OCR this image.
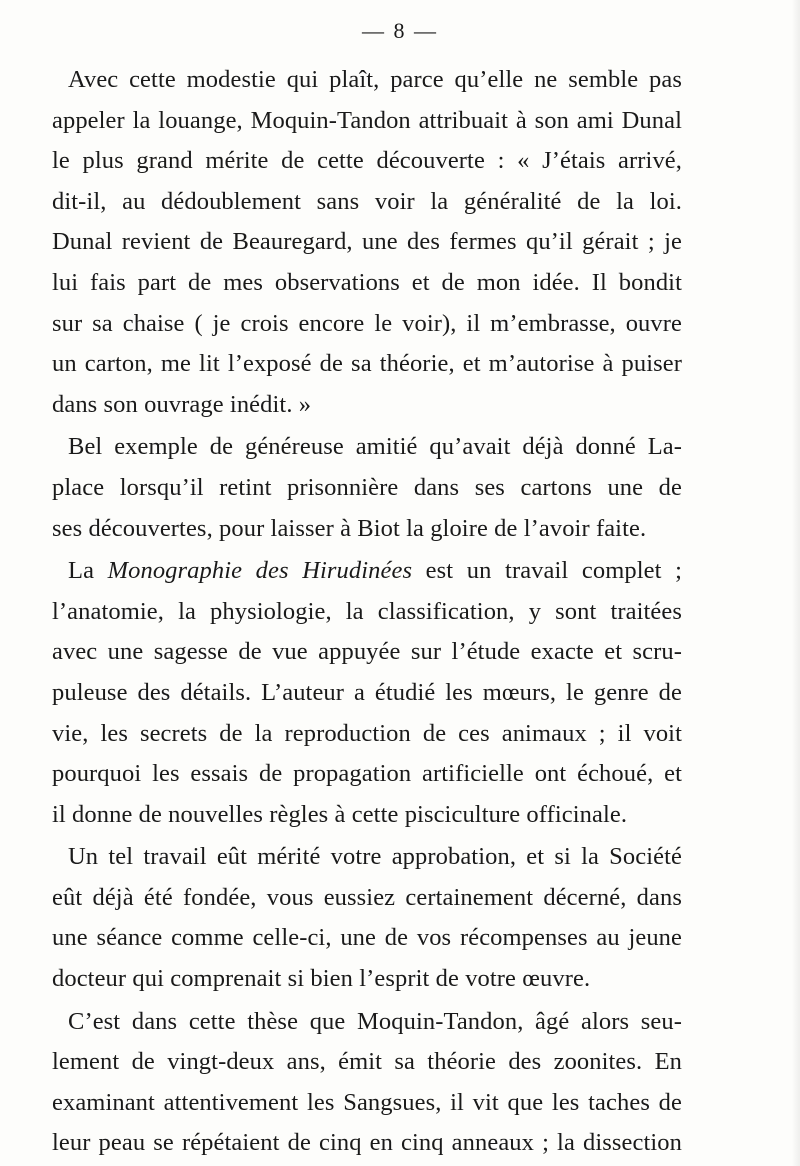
— 8 —
Avec cette modestie qui plaît, parce qu’elle ne semble pas
appeler la louange, Moquin-Tandon attribuait à son ami Dunal
le plus grand mérite de cette découverte : « J’étais arrivé,
dit-il, au dédoublement sans voir la généralité de la loi.
Dunal revient de Beauregard, une des fermes qu’il gérait ; je
lui fais part de mes observations et de mon idée. Il bondit
sur sa chaise ( je crois encore le voir), il m’embrasse, ouvre
un carton, me lit l’exposé de sa théorie, et m’autorise à puiser
dans son ouvrage inédit. »
Bel exemple de généreuse amitié qu’avait déjà donné La-
place lorsqu’il retint prisonnière dans ses cartons une de
ses découvertes, pour laisser à Biot la gloire de l’avoir faite.
La Monographie des Hirudinées est un travail complet ;
l’anatomie, la physiologie, la classification, y sont traitées
avec une sagesse de vue appuyée sur l’étude exacte et scru-
puleuse des détails. L’auteur a étudié les mœurs, le genre de
vie, les secrets de la reproduction de ces animaux ; il voit
pourquoi les essais de propagation artificielle ont échoué, et
il donne de nouvelles règles à cette pisciculture officinale.
Un tel travail eût mérité votre approbation, et si la Société
eût déjà été fondée, vous eussiez certainement décerné, dans
une séance comme celle-ci, une de vos récompenses au jeune
docteur qui comprenait si bien l’esprit de votre œuvre.
C’est dans cette thèse que Moquin-Tandon, âgé alors seu-
lement de vingt-deux ans, émit sa théorie des zoonites. En
examinant attentivement les Sangsues, il vit que les taches de
leur peau se répétaient de cinq en cinq anneaux ; la dissection
